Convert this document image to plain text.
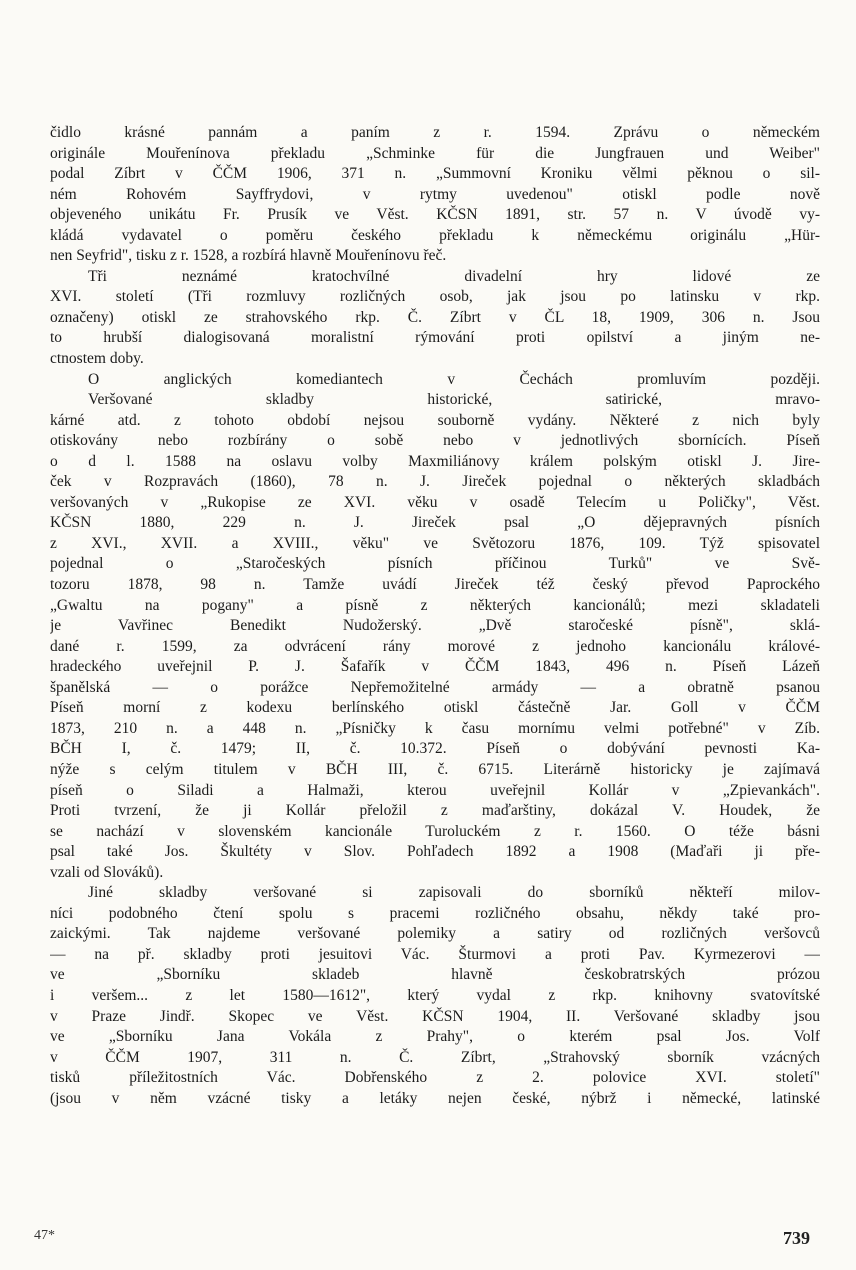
čidlo krásné pannám a paním z r. 1594. Zprávu o německém
originále Mouřenínova překladu „Schminke für die Jungfrauen und Weiber"
podal Zíbrt v ČČM 1906, 371 n. „Summovní Kroniku vělmi pěknou o sil-
ném Rohovém Sayffrydovi, v rytmy uvedenou" otiskl podle nově
objeveného unikátu Fr. Prusík ve Věst. KČSN 1891, str. 57 n. V úvodě vy-
kládá vydavatel o poměru českého překladu k německému originálu „Hür-
nen Seyfrid", tisku z r. 1528, a rozbírá hlavně Mouřenínovu řeč.
Tři neznámé kratochvílné divadelní hry lidové ze
XVI. století (Tři rozmluvy rozličných osob, jak jsou po latinsku v rkp.
označeny) otiskl ze strahovského rkp. Č. Zíbrt v ČL 18, 1909, 306 n. Jsou
to hrubší dialogisovaná moralistní rýmování proti opilství a jiným ne-
ctnostem doby.
O anglických komediantech v Čechách promluvím později.
Veršované skladby historické, satirické, mravo-
kárné atd. z tohoto období nejsou souborně vydány. Některé z nich byly
otiskovány nebo rozbírány o sobě nebo v jednotlivých sbornících. Píseň
o d l. 1588 na oslavu volby Maxmiliánovy králem polským otiskl J. Jire-
ček v Rozpravách (1860), 78 n. J. Jireček pojednal o některých skladbách
veršovaných v „Rukopise ze XVI. věku v osadě Telecím u Poličky", Věst.
KČSN 1880, 229 n. J. Jireček psal „O dějepravných písních
z XVI., XVII. a XVIII., věku" ve Světozoru 1876, 109. Týž spisovatel
pojednal o „Staročeských písních příčinou Turků" ve Svě-
tozoru 1878, 98 n. Tamže uvádí Jireček též český převod Paprockého
„Gwaltu na pogany" a písně z některých kancionálů; mezi skladateli
je Vavřinec Benedikt Nudožerský. „Dvě staročeské písně", sklá-
dané r. 1599, za odvrácení rány morové z jednoho kancionálu králové-
hradeckého uveřejnil P. J. Šafařík v ČČM 1843, 496 n. Píseň Lázeň
španělská — o porážce Nepřemožitelné armády — a obratně psanou
Píseň morní z kodexu berlínského otiskl částečně Jar. Goll v ČČM
1873, 210 n. a 448 n. „Písničky k času mornímu velmi potřebné" v Zíb.
BČH I, č. 1479; II, č. 10.372. Píseň o dobývání pevnosti Ka-
nýže s celým titulem v BČH III, č. 6715. Literárně historicky je zajímavá
píseň o Siladi a Halmaži, kterou uveřejnil Kollár v „Zpievankách".
Proti tvrzení, že ji Kollár přeložil z maďarštiny, dokázal V. Houdek, že
se nachází v slovenském kancionále Turoluckém z r. 1560. O téže básni
psal také Jos. Škultéty v Slov. Pohľadech 1892 a 1908 (Maďaři ji pře-
vzali od Slováků).
Jiné skladby veršované si zapisovali do sborníků někteří milov-
níci podobného čtení spolu s pracemi rozličného obsahu, někdy také pro-
zaickými. Tak najdeme veršované polemiky a satiry od rozličných veršovců
— na př. skladby proti jesuitovi Vác. Šturmovi a proti Pav. Kyrmezerovi —
ve „Sborníku skladeb hlavně českobratrských prózou
i veršem... z let 1580—1612", který vydal z rkp. knihovny svatovítské
v Praze Jindř. Skopec ve Věst. KČSN 1904, II. Veršované skladby jsou
ve „Sborníku Jana Vokála z Prahy", o kterém psal Jos. Volf
v ČČM 1907, 311 n. Č. Zíbrt, „Strahovský sborník vzácných
tisků příležitostních Vác. Dobřenského z 2. polovice XVI. století"
(jsou v něm vzácné tisky a letáky nejen české, nýbrž i německé, latinské
47*	739
